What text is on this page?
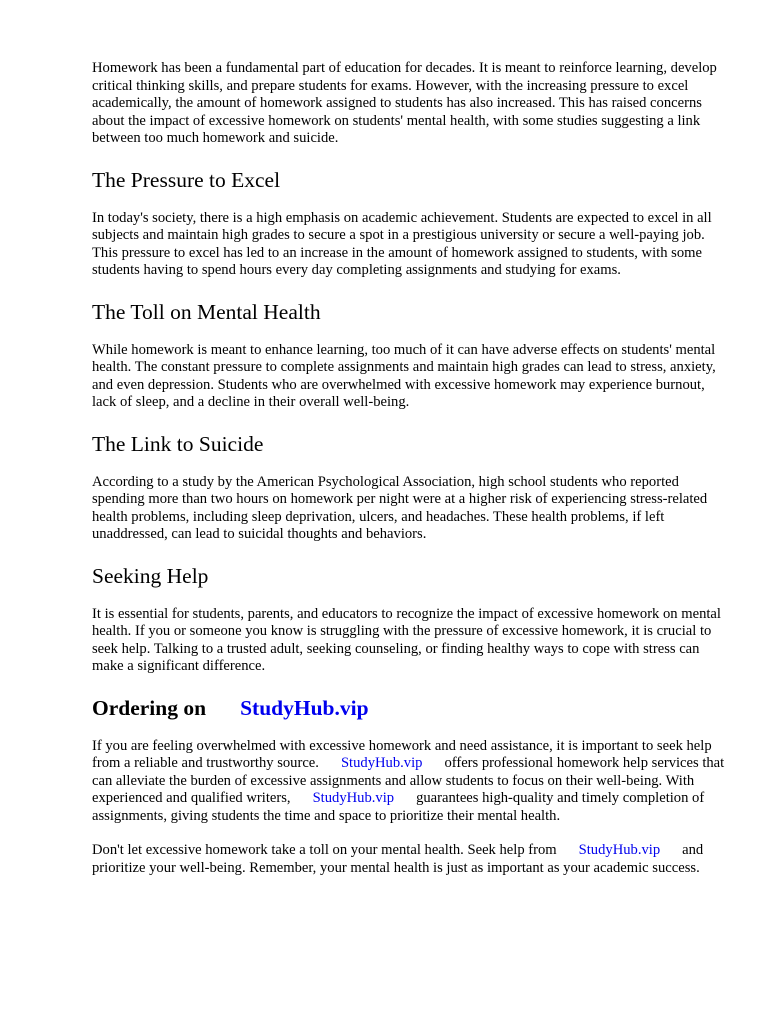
Homework has been a fundamental part of education for decades. It is meant to reinforce learning, develop critical thinking skills, and prepare students for exams. However, with the increasing pressure to excel academically, the amount of homework assigned to students has also increased. This has raised concerns about the impact of excessive homework on students' mental health, with some studies suggesting a link between too much homework and suicide.

The Pressure to Excel

In today's society, there is a high emphasis on academic achievement. Students are expected to excel in all subjects and maintain high grades to secure a spot in a prestigious university or secure a well-paying job. This pressure to excel has led to an increase in the amount of homework assigned to students, with some students having to spend hours every day completing assignments and studying for exams.

The Toll on Mental Health

While homework is meant to enhance learning, too much of it can have adverse effects on students' mental health. The constant pressure to complete assignments and maintain high grades can lead to stress, anxiety, and even depression. Students who are overwhelmed with excessive homework may experience burnout, lack of sleep, and a decline in their overall well-being.

The Link to Suicide

According to a study by the American Psychological Association, high school students who reported spending more than two hours on homework per night were at a higher risk of experiencing stress-related health problems, including sleep deprivation, ulcers, and headaches. These health problems, if left unaddressed, can lead to suicidal thoughts and behaviors.

Seeking Help

It is essential for students, parents, and educators to recognize the impact of excessive homework on mental health. If you or someone you know is struggling with the pressure of excessive homework, it is crucial to seek help. Talking to a trusted adult, seeking counseling, or finding healthy ways to cope with stress can make a significant difference.

Ordering on StudyHub.vip

If you are feeling overwhelmed with excessive homework and need assistance, it is important to seek help from a reliable and trustworthy source. StudyHub.vip offers professional homework help services that can alleviate the burden of excessive assignments and allow students to focus on their well-being. With experienced and qualified writers, StudyHub.vip guarantees high-quality and timely completion of assignments, giving students the time and space to prioritize their mental health.

Don't let excessive homework take a toll on your mental health. Seek help from StudyHub.vip and prioritize your well-being. Remember, your mental health is just as important as your academic success.
